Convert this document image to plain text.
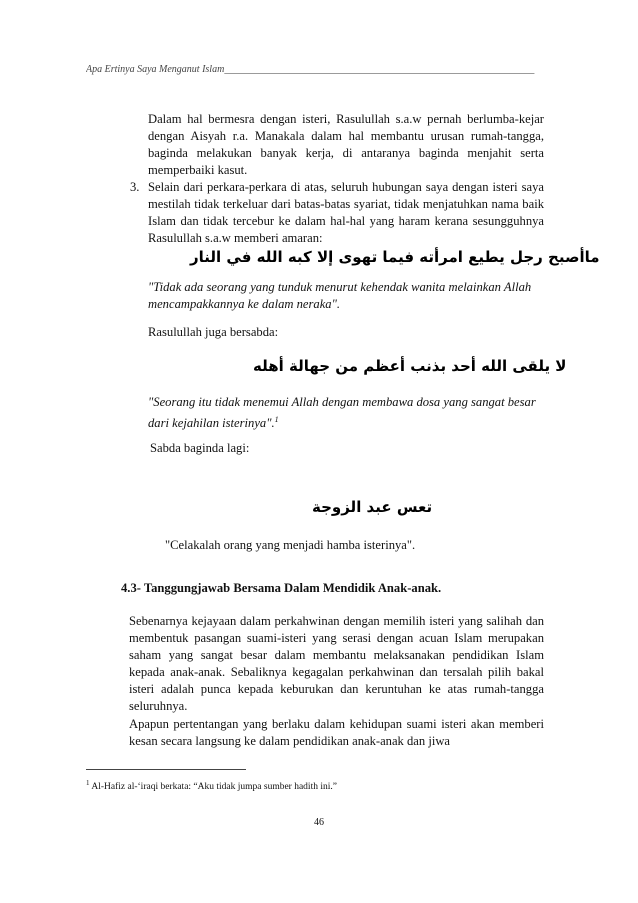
Apa Ertinya Saya Menganut Islam______________________________________________________________
Dalam hal bermesra dengan isteri, Rasulullah s.a.w pernah berlumba-kejar dengan Aisyah r.a. Manakala dalam hal membantu urusan rumah-tangga, baginda melakukan banyak kerja, di antaranya baginda menjahit serta memperbaiki kasut.
3. Selain dari perkara-perkara di atas, seluruh hubungan saya dengan isteri saya mestilah tidak terkeluar dari batas-batas syariat, tidak menjatuhkan nama baik Islam dan tidak tercebur ke dalam hal-hal yang haram kerana sesungguhnya Rasulullah s.a.w memberi amaran:
ماأصبح رجل يطيع امرأته فيما تهوى إلا كبه الله في النار
"Tidak ada seorang yang tunduk menurut kehendak wanita melainkan Allah mencampakkannya ke dalam neraka".
Rasulullah juga bersabda:
لا يلقى الله أحد بذنب أعظم من جهالة أهله
"Seorang itu tidak menemui Allah dengan membawa dosa yang sangat besar dari kejahilan isterinya".$^1$
Sabda baginda lagi:
تعس عبد الزوجة
"Celakalah orang yang menjadi hamba isterinya".
4.3- Tanggungjawab Bersama Dalam Mendidik Anak-anak.
Sebenarnya kejayaan dalam perkahwinan dengan memilih isteri yang salihah dan membentuk pasangan suami-isteri yang serasi dengan acuan Islam merupakan saham yang sangat besar dalam membantu melaksanakan pendidikan Islam kepada anak-anak. Sebaliknya kegagalan perkahwinan dan tersalah pilih bakal isteri adalah punca kepada keburukan dan keruntuhan ke atas rumah-tangga seluruhnya.
Apapun pertentangan yang berlaku dalam kehidupan suami isteri akan memberi kesan secara langsung ke dalam pendidikan anak-anak dan jiwa
$^1$ Al-Hafiz al-‘iraqi berkata: “Aku tidak jumpa sumber hadith ini.”
46
